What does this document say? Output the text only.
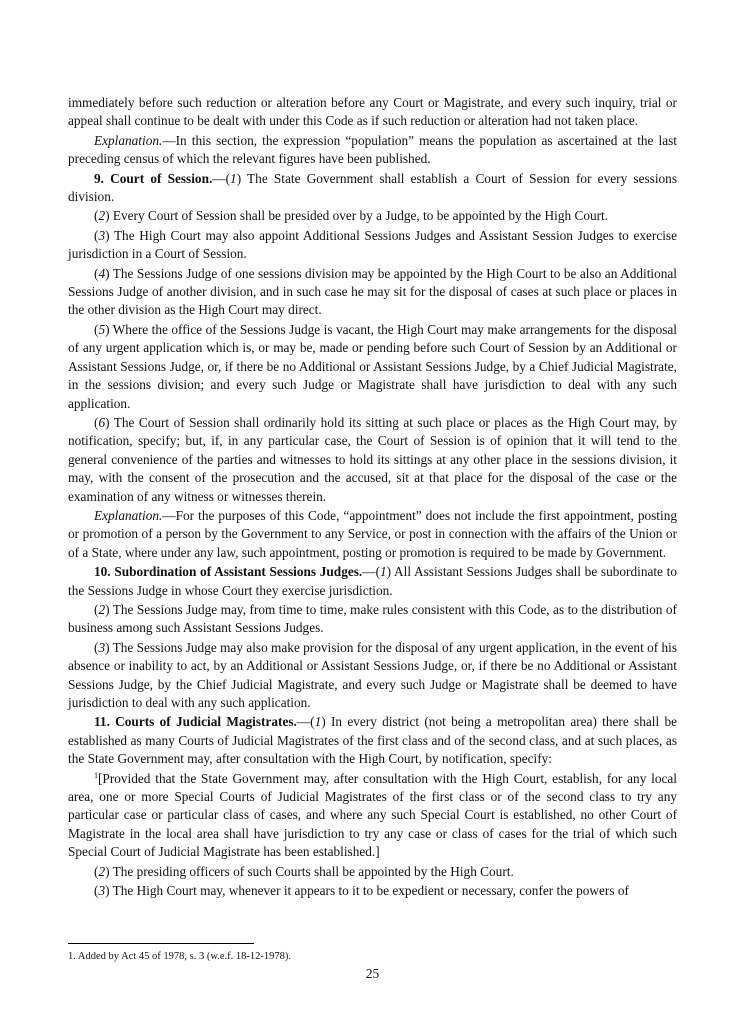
immediately before such reduction or alteration before any Court or Magistrate, and every such inquiry, trial or appeal shall continue to be dealt with under this Code as if such reduction or alteration had not taken place.

Explanation.—In this section, the expression “population” means the population as ascertained at the last preceding census of which the relevant figures have been published.

9. Court of Session.—(1) The State Government shall establish a Court of Session for every sessions division.

(2) Every Court of Session shall be presided over by a Judge, to be appointed by the High Court.

(3) The High Court may also appoint Additional Sessions Judges and Assistant Session Judges to exercise jurisdiction in a Court of Session.

(4) The Sessions Judge of one sessions division may be appointed by the High Court to be also an Additional Sessions Judge of another division, and in such case he may sit for the disposal of cases at such place or places in the other division as the High Court may direct.

(5) Where the office of the Sessions Judge is vacant, the High Court may make arrangements for the disposal of any urgent application which is, or may be, made or pending before such Court of Session by an Additional or Assistant Sessions Judge, or, if there be no Additional or Assistant Sessions Judge, by a Chief Judicial Magistrate, in the sessions division; and every such Judge or Magistrate shall have jurisdiction to deal with any such application.

(6) The Court of Session shall ordinarily hold its sitting at such place or places as the High Court may, by notification, specify; but, if, in any particular case, the Court of Session is of opinion that it will tend to the general convenience of the parties and witnesses to hold its sittings at any other place in the sessions division, it may, with the consent of the prosecution and the accused, sit at that place for the disposal of the case or the examination of any witness or witnesses therein.

Explanation.—For the purposes of this Code, “appointment” does not include the first appointment, posting or promotion of a person by the Government to any Service, or post in connection with the affairs of the Union or of a State, where under any law, such appointment, posting or promotion is required to be made by Government.

10. Subordination of Assistant Sessions Judges.—(1) All Assistant Sessions Judges shall be subordinate to the Sessions Judge in whose Court they exercise jurisdiction.

(2) The Sessions Judge may, from time to time, make rules consistent with this Code, as to the distribution of business among such Assistant Sessions Judges.

(3) The Sessions Judge may also make provision for the disposal of any urgent application, in the event of his absence or inability to act, by an Additional or Assistant Sessions Judge, or, if there be no Additional or Assistant Sessions Judge, by the Chief Judicial Magistrate, and every such Judge or Magistrate shall be deemed to have jurisdiction to deal with any such application.

11. Courts of Judicial Magistrates.—(1) In every district (not being a metropolitan area) there shall be established as many Courts of Judicial Magistrates of the first class and of the second class, and at such places, as the State Government may, after consultation with the High Court, by notification, specify:

$^1$[Provided that the State Government may, after consultation with the High Court, establish, for any local area, one or more Special Courts of Judicial Magistrates of the first class or of the second class to try any particular case or particular class of cases, and where any such Special Court is established, no other Court of Magistrate in the local area shall have jurisdiction to try any case or class of cases for the trial of which such Special Court of Judicial Magistrate has been established.]

(2) The presiding officers of such Courts shall be appointed by the High Court.

(3) The High Court may, whenever it appears to it to be expedient or necessary, confer the powers of

1. Added by Act 45 of 1978, s. 3 (w.e.f. 18-12-1978).
25
